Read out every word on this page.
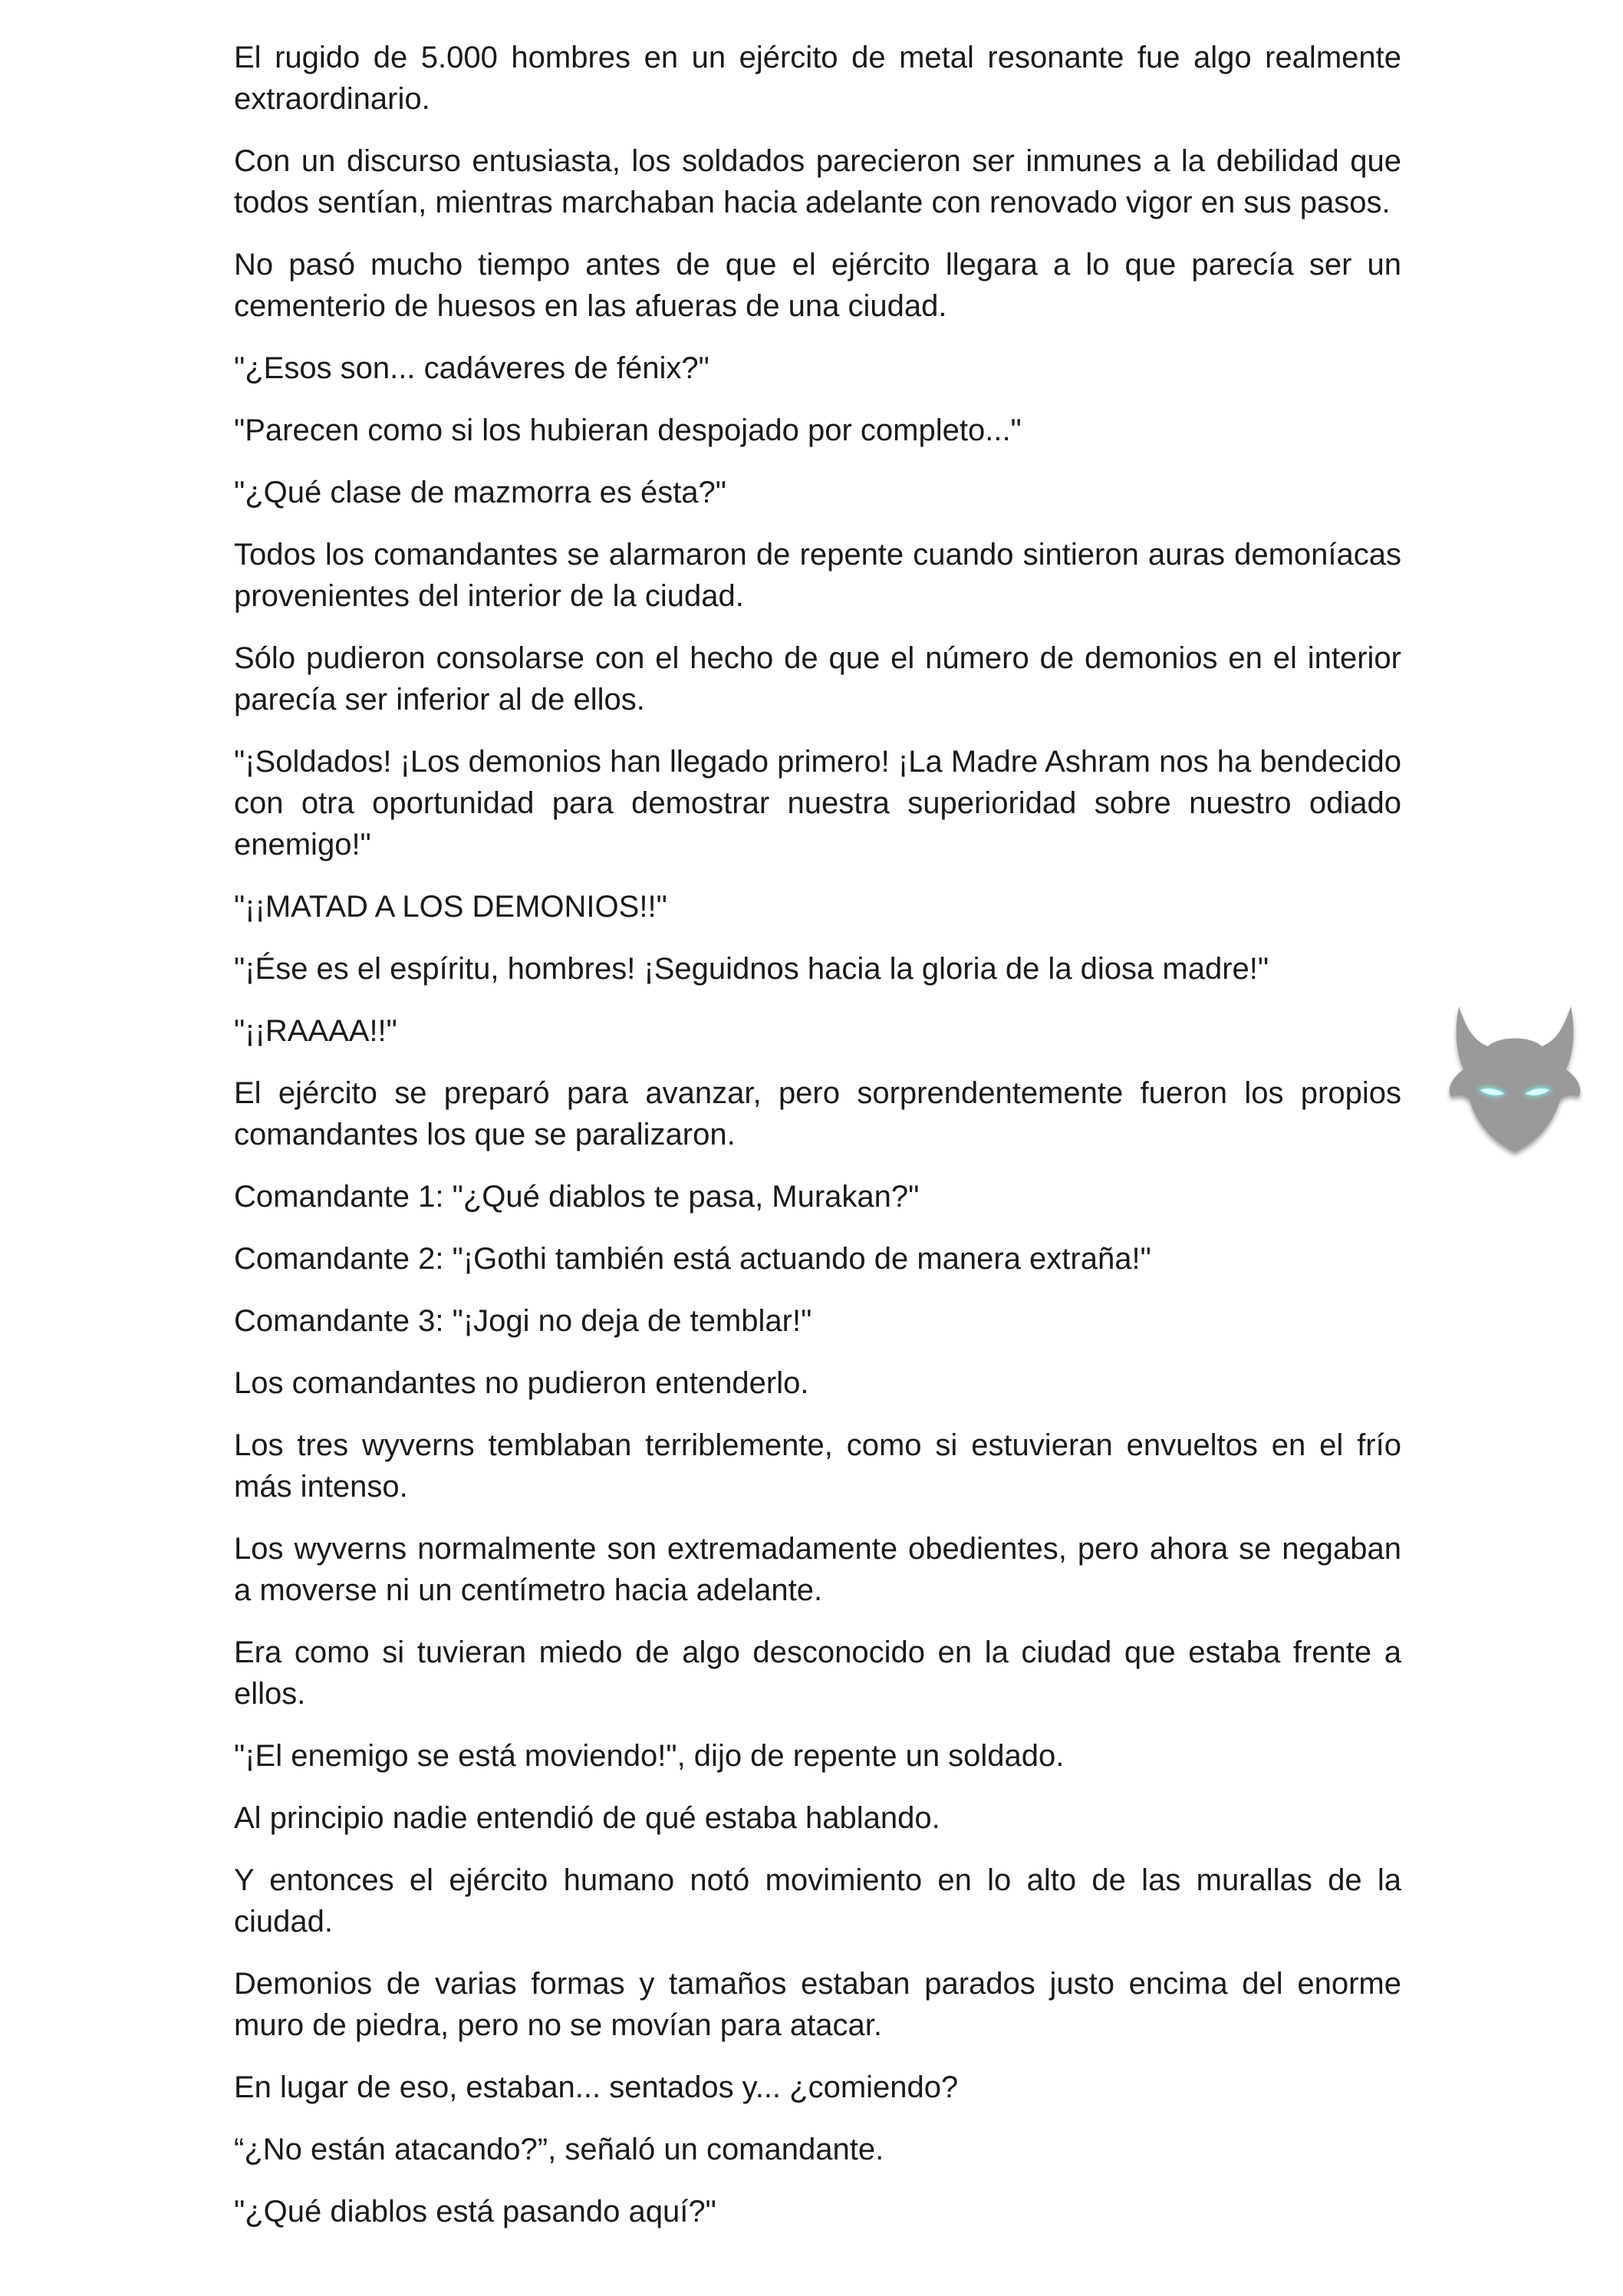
El rugido de 5.000 hombres en un ejército de metal resonante fue algo realmente extraordinario.

Con un discurso entusiasta, los soldados parecieron ser inmunes a la debilidad que todos sentían, mientras marchaban hacia adelante con renovado vigor en sus pasos.

No pasó mucho tiempo antes de que el ejército llegara a lo que parecía ser un cementerio de huesos en las afueras de una ciudad.

"¿Esos son... cadáveres de fénix?"

"Parecen como si los hubieran despojado por completo..."

"¿Qué clase de mazmorra es ésta?"

Todos los comandantes se alarmaron de repente cuando sintieron auras demoníacas provenientes del interior de la ciudad.

Sólo pudieron consolarse con el hecho de que el número de demonios en el interior parecía ser inferior al de ellos.

"¡Soldados! ¡Los demonios han llegado primero! ¡La Madre Ashram nos ha bendecido con otra oportunidad para demostrar nuestra superioridad sobre nuestro odiado enemigo!"

"¡¡MATAD A LOS DEMONIOS!!"

"¡Ése es el espíritu, hombres! ¡Seguidnos hacia la gloria de la diosa madre!"

"¡¡RAAAA!!"

El ejército se preparó para avanzar, pero sorprendentemente fueron los propios comandantes los que se paralizaron.

Comandante 1: "¿Qué diablos te pasa, Murakan?"

Comandante 2: "¡Gothi también está actuando de manera extraña!"

Comandante 3: "¡Jogi no deja de temblar!"

Los comandantes no pudieron entenderlo.

Los tres wyverns temblaban terriblemente, como si estuvieran envueltos en el frío más intenso.

Los wyverns normalmente son extremadamente obedientes, pero ahora se negaban a moverse ni un centímetro hacia adelante.

Era como si tuvieran miedo de algo desconocido en la ciudad que estaba frente a ellos.

"¡El enemigo se está moviendo!", dijo de repente un soldado.

Al principio nadie entendió de qué estaba hablando.

Y entonces el ejército humano notó movimiento en lo alto de las murallas de la ciudad.

Demonios de varias formas y tamaños estaban parados justo encima del enorme muro de piedra, pero no se movían para atacar.

En lugar de eso, estaban... sentados y... ¿comiendo?

“¿No están atacando?”, señaló un comandante.

"¿Qué diablos está pasando aquí?"
